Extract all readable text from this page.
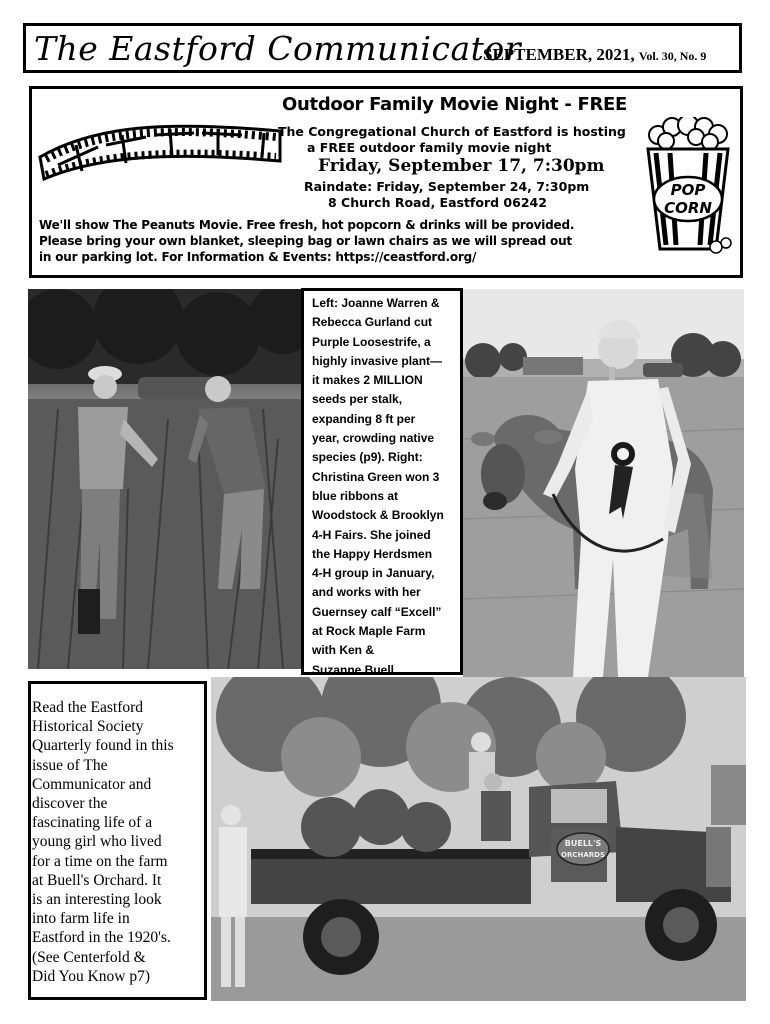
The Eastford Communicator
SEPTEMBER, 2021, Vol. 30, No. 9
Outdoor Family Movie Night - FREE
The Congregational Church of Eastford is hosting
a FREE outdoor family movie night
Friday, September 17, 7:30pm
Raindate: Friday, September 24, 7:30pm
8 Church Road, Eastford 06242
We'll show The Peanuts Movie. Free fresh, hot popcorn & drinks will be provided.
Please bring your own blanket, sleeping bag or lawn chairs as we will spread out
in our parking lot. For Information & Events: https://ceastford.org/
POP
CORN
Left: Joanne Warren &
Rebecca Gurland cut
Purple Loosestrife, a
highly invasive plant—
it makes 2 MILLION
seeds per stalk,
expanding 8 ft per
year, crowding native
species (p9). Right:
Christina Green won 3
blue ribbons at
Woodstock & Brooklyn
4-H Fairs. She joined
the Happy Herdsmen
4-H group in January,
and works with her
Guernsey calf “Excell”
at Rock Maple Farm
with Ken &
Suzanne Buell.
Read the Eastford
Historical Society
Quarterly found in this
issue of The
Communicator and
discover the
fascinating life of a
young girl who lived
for a time on the farm
at Buell's Orchard. It
is an interesting look
into farm life in
Eastford in the 1920's.
(See Centerfold &
Did You Know p7)
BUELL'S
ORCHARDS
